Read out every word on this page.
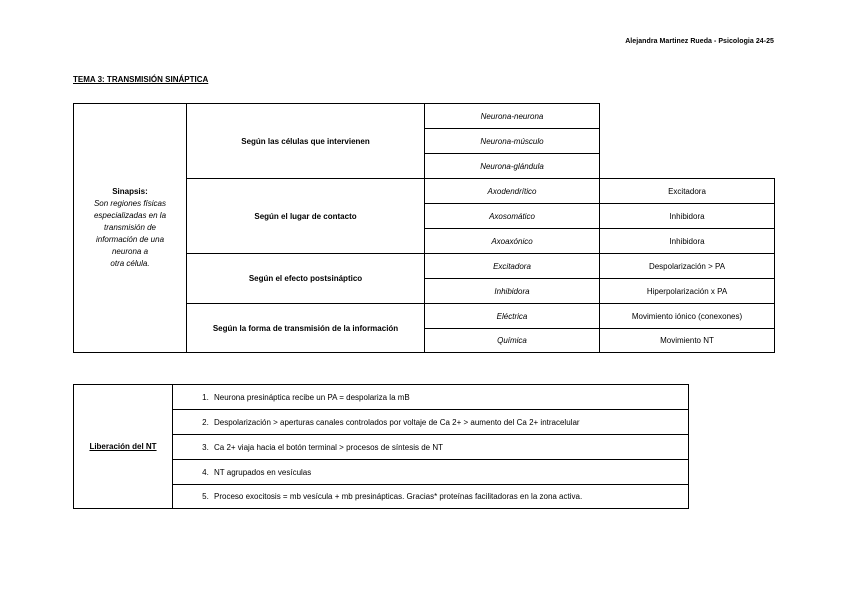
Alejandra Martinez Rueda - Psicologia 24-25
TEMA 3: TRANSMISIÓN SINÁPTICA
Sinapsis:
Son regiones físicas
especializadas en la
transmisión de
información de una
neurona a
otra célula.
Según las células que intervienen
Según el lugar de contacto
Según el efecto postsináptico
Según la forma de transmisión de la información
Neurona-neurona
Neurona-músculo
Neurona-glándula
Axodendrítico
Axosomático
Axoaxónico
Excitadora
Inhibidora
Eléctrica
Química
Excitadora
Inhibidora
Inhibidora
Despolarización > PA
Hiperpolarización x PA
Movimiento iónico (conexones)
Movimiento NT
Liberación del NT
1. Neurona presináptica recibe un PA = despolariza la mB
2. Despolarización > aperturas canales controlados por voltaje de Ca 2+ > aumento del Ca 2+ intracelular
3. Ca 2+ viaja hacia el botón terminal > procesos de síntesis de NT
4. NT agrupados en vesículas
5. Proceso exocitosis = mb vesícula + mb presinápticas. Gracias* proteínas facilitadoras en la zona activa.
